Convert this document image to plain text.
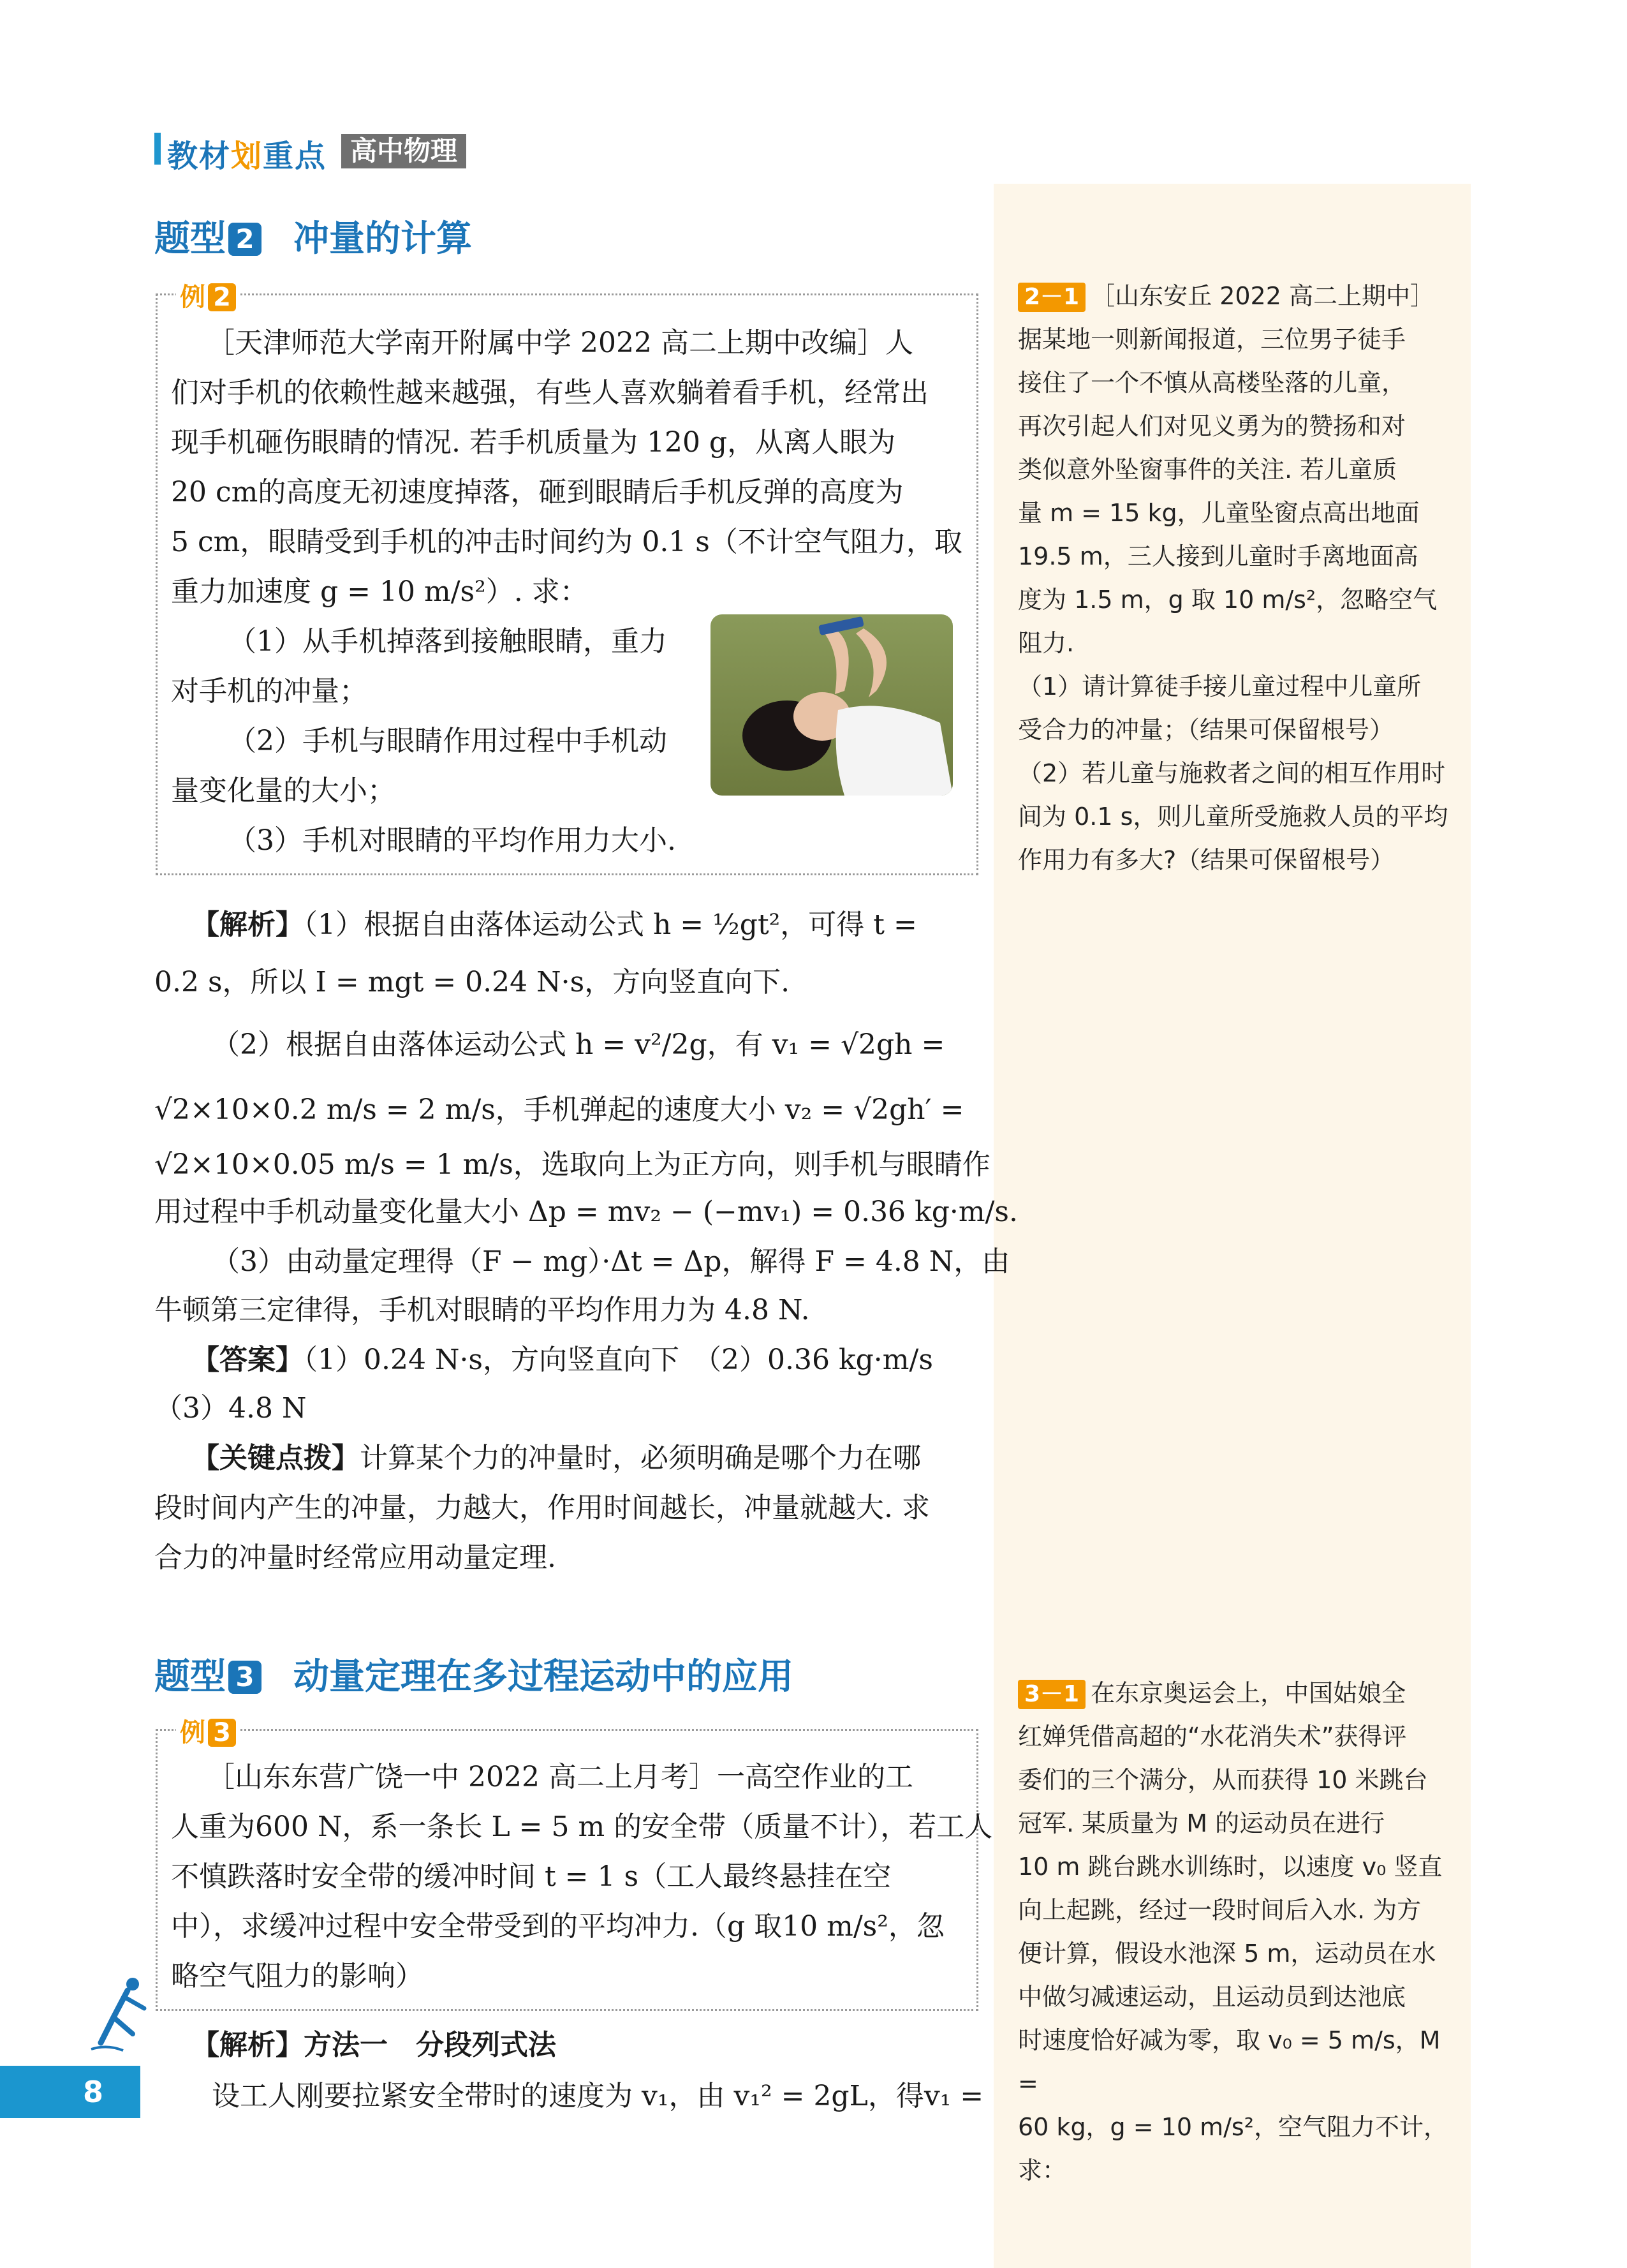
教材划重点 高中物理
题型 2 冲量的计算
例 2
［天津师范大学南开附属中学 2022 高二上期中改编］人
们对手机的依赖性越来越强，有些人喜欢躺着看手机，经常出
现手机砸伤眼睛的情况. 若手机质量为 120 g，从离人眼为
20 cm的高度无初速度掉落，砸到眼睛后手机反弹的高度为
5 cm，眼睛受到手机的冲击时间约为 0.1 s（不计空气阻力，取
重力加速度 g = 10 m/s²）. 求：
（1）从手机掉落到接触眼睛，重力
对手机的冲量；
（2）手机与眼睛作用过程中手机动
量变化量的大小；
（3）手机对眼睛的平均作用力大小.
【解析】（1）根据自由落体运动公式 h = ½gt²，可得 t =
0.2 s，所以 I = mgt = 0.24 N·s，方向竖直向下.
（2）根据自由落体运动公式 h = v²/2g，有 v₁ = √2gh =
√2×10×0.2 m/s = 2 m/s，手机弹起的速度大小 v₂ = √2gh′ =
√2×10×0.05 m/s = 1 m/s，选取向上为正方向，则手机与眼睛作
用过程中手机动量变化量大小 Δp = mv₂ − (−mv₁) = 0.36 kg·m/s.
（3）由动量定理得（F − mg）·Δt = Δp，解得 F = 4.8 N，由
牛顿第三定律得，手机对眼睛的平均作用力为 4.8 N.
【答案】（1）0.24 N·s，方向竖直向下　（2）0.36 kg·m/s
（3）4.8 N
【关键点拨】计算某个力的冲量时，必须明确是哪个力在哪
段时间内产生的冲量，力越大，作用时间越长，冲量就越大. 求
合力的冲量时经常应用动量定理.
题型 3 动量定理在多过程运动中的应用
例 3
［山东东营广饶一中 2022 高二上月考］一高空作业的工
人重为600 N，系一条长 L = 5 m 的安全带（质量不计），若工人
不慎跌落时安全带的缓冲时间 t = 1 s（工人最终悬挂在空
中），求缓冲过程中安全带受到的平均冲力.（g 取10 m/s²，忽
略空气阻力的影响）
【解析】方法一　分段列式法
设工人刚要拉紧安全带时的速度为 v₁，由 v₁² = 2gL，得v₁ =
2－1 ［山东安丘 2022 高二上期中］
据某地一则新闻报道，三位男子徒手
接住了一个不慎从高楼坠落的儿童，
再次引起人们对见义勇为的赞扬和对
类似意外坠窗事件的关注. 若儿童质
量 m = 15 kg，儿童坠窗点高出地面
19.5 m，三人接到儿童时手离地面高
度为 1.5 m，g 取 10 m/s²，忽略空气
阻力.
（1）请计算徒手接儿童过程中儿童所
受合力的冲量；（结果可保留根号）
（2）若儿童与施救者之间的相互作用时
间为 0.1 s，则儿童所受施救人员的平均
作用力有多大?（结果可保留根号）
3－1 在东京奥运会上，中国姑娘全
红婵凭借高超的“水花消失术”获得评
委们的三个满分，从而获得 10 米跳台
冠军. 某质量为 M 的运动员在进行
10 m 跳台跳水训练时，以速度 v₀ 竖直
向上起跳，经过一段时间后入水. 为方
便计算，假设水池深 5 m，运动员在水
中做匀减速运动，且运动员到达池底
时速度恰好减为零，取 v₀ = 5 m/s，M =
60 kg，g = 10 m/s²，空气阻力不计，求：
8
